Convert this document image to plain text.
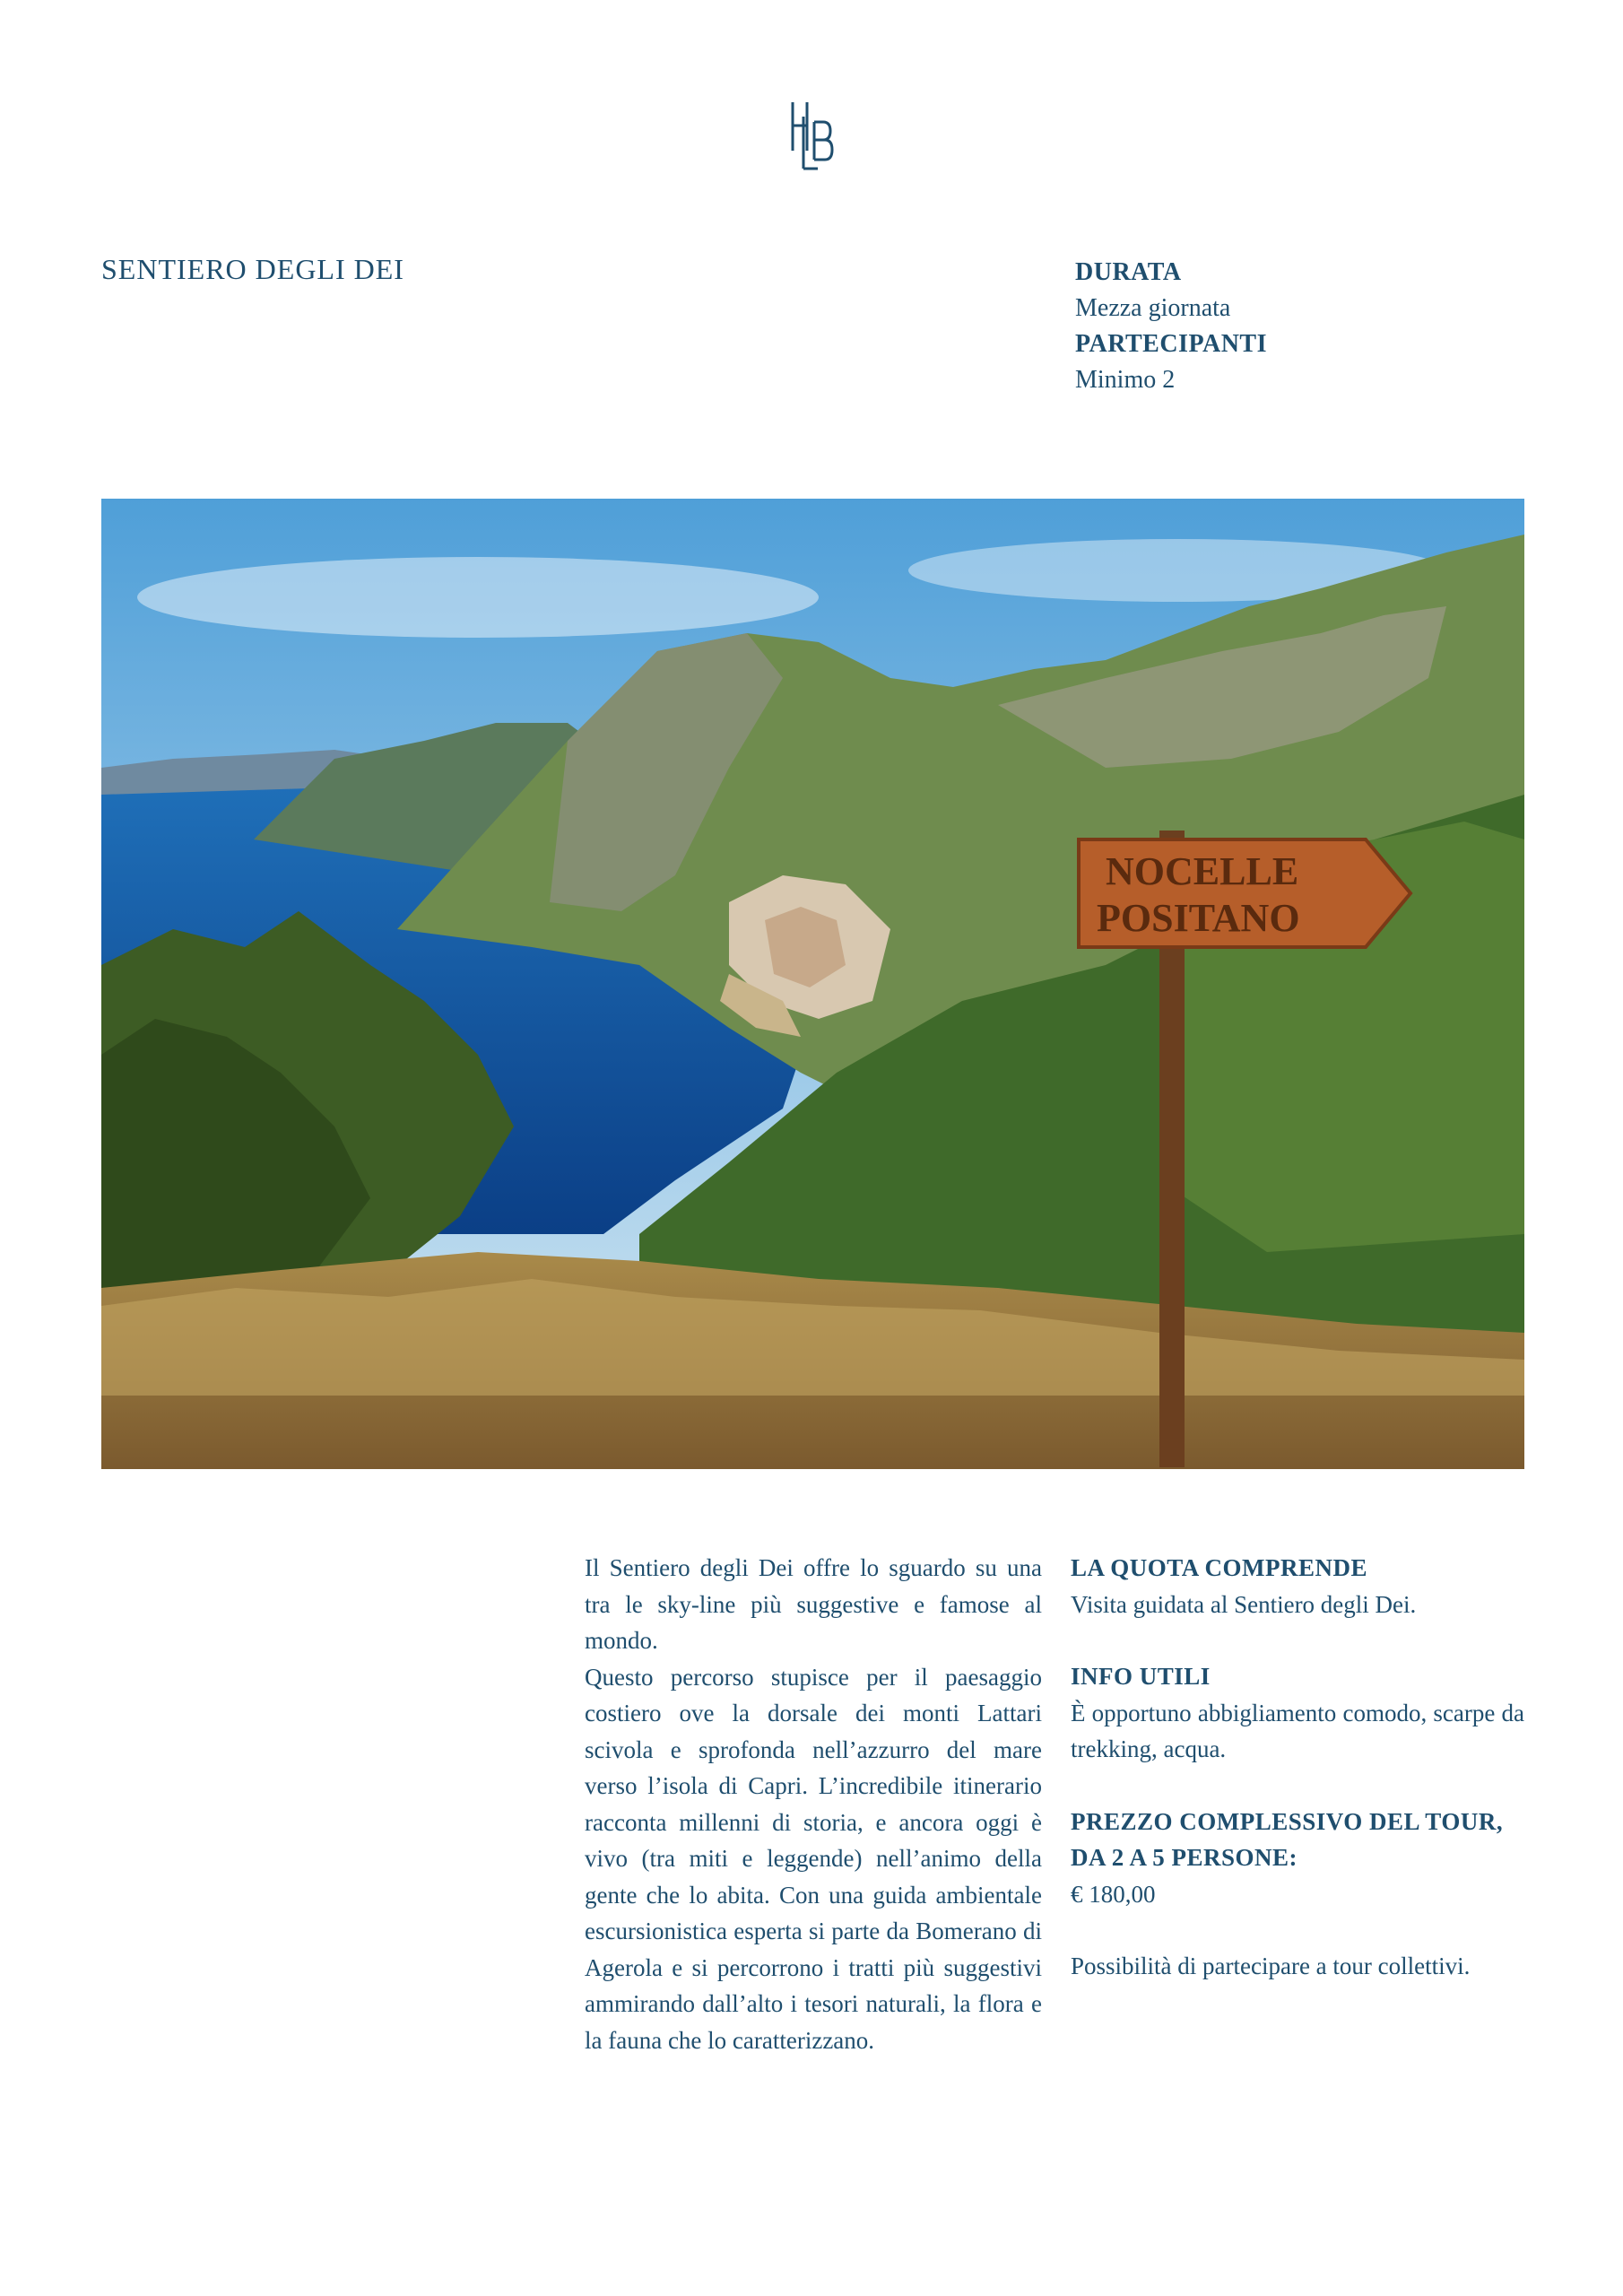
SENTIERO DEGLI DEI	DURATA
Mezza giornata
PARTECIPANTI
Minimo 2
NOCELLE
POSITANO

Il Sentiero degli Dei offre lo sguardo su una tra le sky-line più suggestive e famose al mondo.

Questo percorso stupisce per il paesaggio costiero ove la dorsale dei monti Lattari scivola e sprofonda nell’azzurro del mare verso l’isola di Capri. L’incredibile itinerario racconta millenni di storia, e ancora oggi è vivo (tra miti e leggende) nell’animo della gente che lo abita. Con una guida ambientale escursionistica esperta si parte da Bomerano di Agerola e si percorrono i tratti più suggestivi ammirando dall’alto i tesori naturali, la flora e la fauna che lo caratterizzano.

LA QUOTA COMPRENDE
Visita guidata al Sentiero degli Dei.
INFO UTILI
È opportuno abbigliamento comodo, scarpe da trekking, acqua.
PREZZO COMPLESSIVO DEL TOUR,
DA 2 A 5 PERSONE:
€ 180,00
Possibilità di partecipare a tour collettivi.
